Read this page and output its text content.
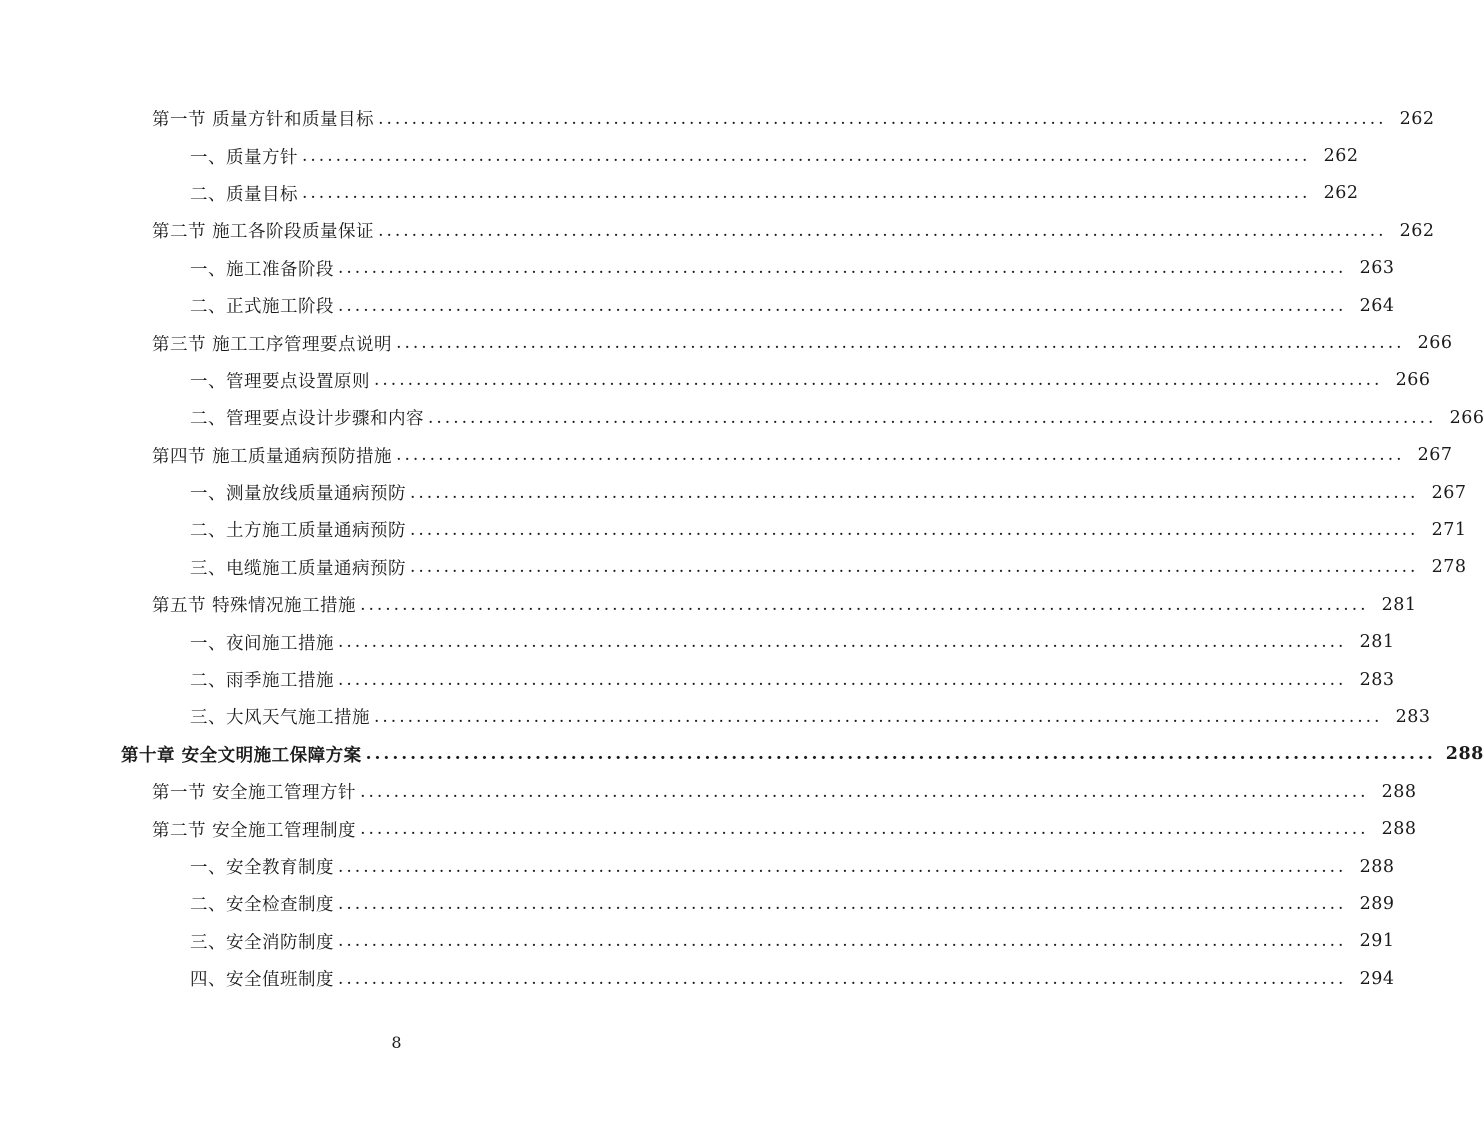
第一节 质量方针和质量目标 ........................................................................................................................ 262
一、质量方针 ........................................................................................................................ 262
二、质量目标 ........................................................................................................................ 262
第二节 施工各阶段质量保证 ........................................................................................................................ 262
一、施工准备阶段 ........................................................................................................................ 263
二、正式施工阶段 ........................................................................................................................ 264
第三节 施工工序管理要点说明 ........................................................................................................................ 266
一、管理要点设置原则 ........................................................................................................................ 266
二、管理要点设计步骤和内容 ........................................................................................................................ 266
第四节 施工质量通病预防措施 ........................................................................................................................ 267
一、测量放线质量通病预防 ........................................................................................................................ 267
二、土方施工质量通病预防 ........................................................................................................................ 271
三、电缆施工质量通病预防 ........................................................................................................................ 278
第五节 特殊情况施工措施 ........................................................................................................................ 281
一、夜间施工措施 ........................................................................................................................ 281
二、雨季施工措施 ........................................................................................................................ 283
三、大风天气施工措施 ........................................................................................................................ 283
第十章 安全文明施工保障方案 ........................................................................................................................ 288
第一节 安全施工管理方针 ........................................................................................................................ 288
第二节 安全施工管理制度 ........................................................................................................................ 288
一、安全教育制度 ........................................................................................................................ 288
二、安全检查制度 ........................................................................................................................ 289
三、安全消防制度 ........................................................................................................................ 291
四、安全值班制度 ........................................................................................................................ 294
8
